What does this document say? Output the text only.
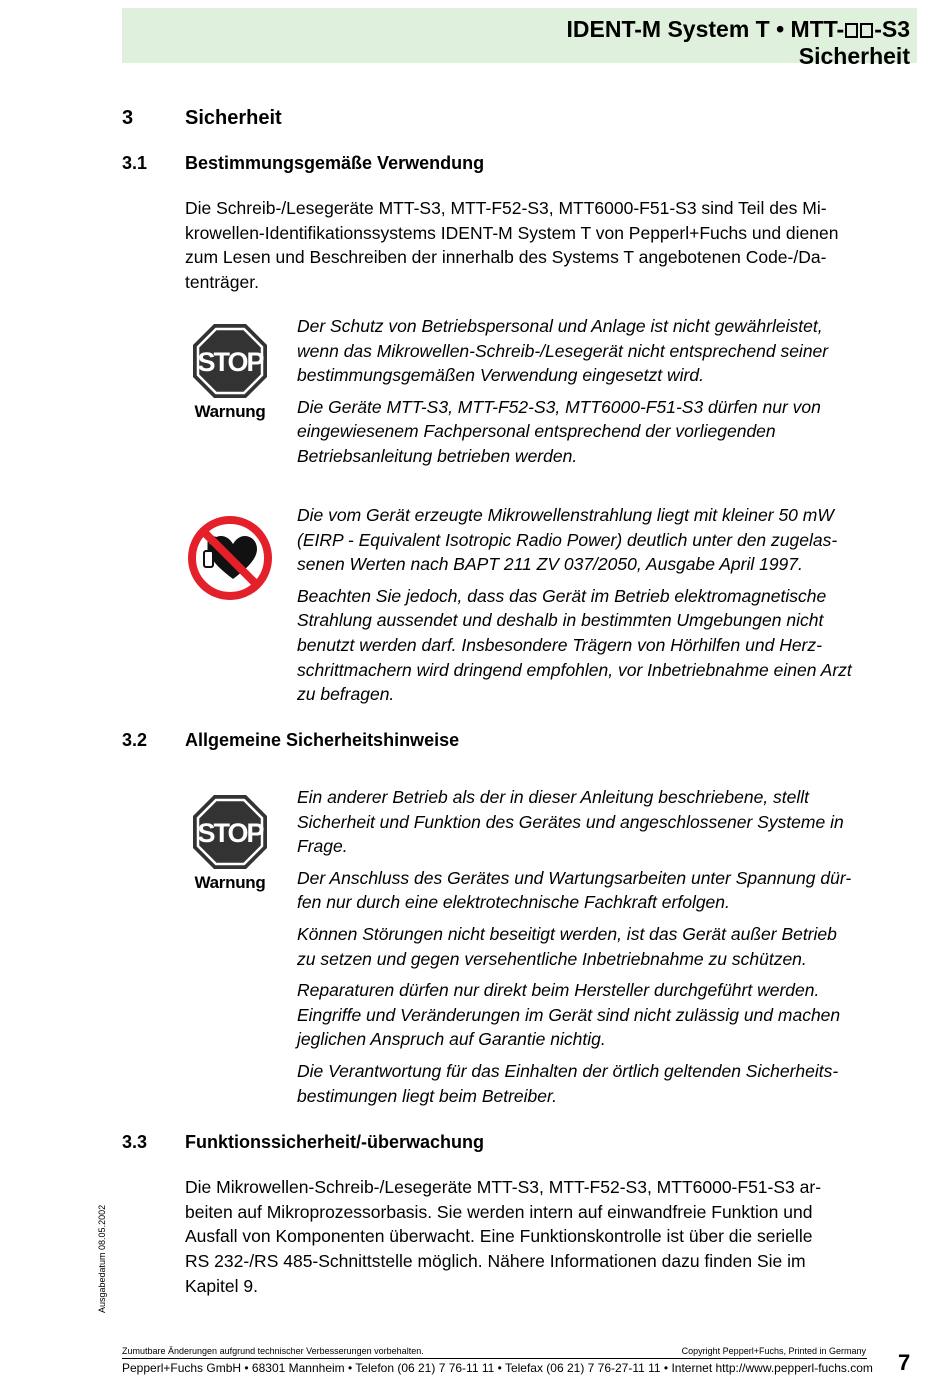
IDENT-M System T • MTT- -S3
Sicherheit
3	Sicherheit
3.1 Bestimmungsgemäße Verwendung

Die Schreib-/Lesegeräte MTT-S3, MTT-F52-S3, MTT6000-F51-S3 sind Teil des Mi-
krowellen-Identifikationssystems IDENT-M System T von Pepperl+Fuchs und dienen
zum Lesen und Beschreiben der innerhalb des Systems T angebotenen Code-/Da-
tenträger.

STOP
Warnung

Der Schutz von Betriebspersonal und Anlage ist nicht gewährleistet,
wenn das Mikrowellen-Schreib-/Lesegerät nicht entsprechend seiner
bestimmungsgemäßen Verwendung eingesetzt wird.

Die Geräte MTT-S3, MTT-F52-S3, MTT6000-F51-S3 dürfen nur von
eingewiesenem Fachpersonal entsprechend der vorliegenden
Betriebsanleitung betrieben werden.

Die vom Gerät erzeugte Mikrowellenstrahlung liegt mit kleiner 50 mW
(EIRP - Equivalent Isotropic Radio Power) deutlich unter den zugelas-
senen Werten nach BAPT 211 ZV 037/2050, Ausgabe April 1997.

Beachten Sie jedoch, dass das Gerät im Betrieb elektromagnetische
Strahlung aussendet und deshalb in bestimmten Umgebungen nicht
benutzt werden darf. Insbesondere Trägern von Hörhilfen und Herz-
schrittmachern wird dringend empfohlen, vor Inbetriebnahme einen Arzt
zu befragen.

3.2 Allgemeine Sicherheitshinweise
STOP
Warnung

Ein anderer Betrieb als der in dieser Anleitung beschriebene, stellt
Sicherheit und Funktion des Gerätes und angeschlossener Systeme in
Frage.

Der Anschluss des Gerätes und Wartungsarbeiten unter Spannung dür-
fen nur durch eine elektrotechnische Fachkraft erfolgen.

Können Störungen nicht beseitigt werden, ist das Gerät außer Betrieb
zu setzen und gegen versehentliche Inbetriebnahme zu schützen.

Reparaturen dürfen nur direkt beim Hersteller durchgeführt werden.
Eingriffe und Veränderungen im Gerät sind nicht zulässig und machen
jeglichen Anspruch auf Garantie nichtig.

Die Verantwortung für das Einhalten der örtlich geltenden Sicherheits-
bestimungen liegt beim Betreiber.

3.3 Funktionssicherheit/-überwachung

Die Mikrowellen-Schreib-/Lesegeräte MTT-S3, MTT-F52-S3, MTT6000-F51-S3 ar-
beiten auf Mikroprozessorbasis. Sie werden intern auf einwandfreie Funktion und
Ausfall von Komponenten überwacht. Eine Funktionskontrolle ist über die serielle
RS 232-/RS 485-Schnittstelle möglich. Nähere Informationen dazu finden Sie im
Kapitel 9.

Ausgabedatum 08.05.2002
Zumutbare Änderungen aufgrund technischer Verbesserungen vorbehalten.	Copyright Pepperl+Fuchs, Printed in Germany
Pepperl+Fuchs GmbH • 68301 Mannheim • Telefon (06 21) 7 76-11 11 • Telefax (06 21) 7 76-27-11 11 • Internet http://www.pepperl-fuchs.com 7
